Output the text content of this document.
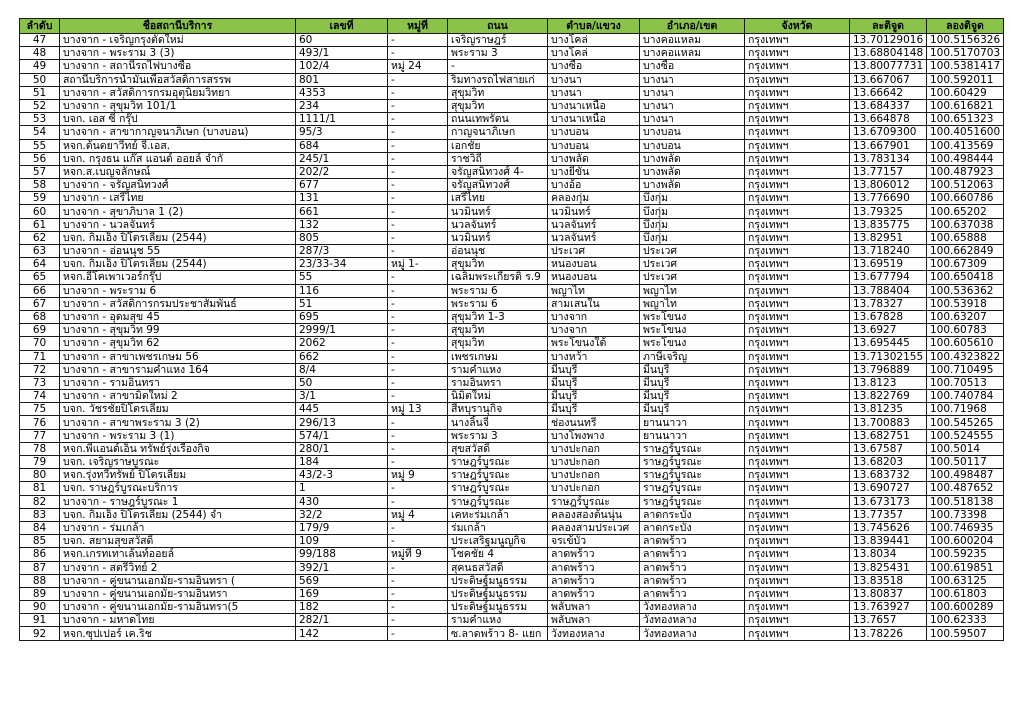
ลำดับ	ชื่อสถานีบริการ	เลขที่	หมู่ที่	ถนน	ตำบล/แขวง	อำเภอ/เขต	จังหวัด	ละติจูด	ลองติจูด
47	บางจาก - เจริญกรุงตัดใหม่	60	-	เจริญราษฎร์	บางโคล่	บางคอแหลม	กรุงเทพฯ	13.70129016	100.5156326
48	บางจาก - พระราม 3 (3)	493/1	-	พระราม 3	บางโคล่	บางคอแหลม	กรุงเทพฯ	13.68804148	100.5170703
49	บางจาก - สถานีรถไฟบางซื่อ	102/4	หมู่ 24	-	บางซื่อ	บางซื่อ	กรุงเทพฯ	13.80077731	100.5381417
50	สถานีบริการน้ำมันเพื่อสวัสดิการสรรพ	801	-	ริมทางรถไฟสายเก่	บางนา	บางนา	กรุงเทพฯ	13.667067	100.592011
51	บางจาก - สวัสดิการกรมอุตุนิยมวิทยา	4353	-	สุขุมวิท	บางนา	บางนา	กรุงเทพฯ	13.66642	100.60429
52	บางจาก - สุขุมวิท 101/1	234	-	สุขุมวิท	บางนาเหนือ	บางนา	กรุงเทพฯ	13.684337	100.616821
53	บจก. เอส ซี กรุ๊ป	1111/1	-	ถนนเทพรัตน	บางนาเหนือ	บางนา	กรุงเทพฯ	13.664878	100.651323
54	บางจาก - สาขากาญจนาภิเษก (บางบอน)	95/3	-	กาญจนาภิเษก	บางบอน	บางบอน	กรุงเทพฯ	13.6709300	100.4051600
55	หจก.ต้นตยาวีทย์ จี.เอส.	684	-	เอกชัย	บางบอน	บางบอน	กรุงเทพฯ	13.667901	100.413569
56	บจก. กรุงธน แก๊ส แอนด์ ออยล์ จำกั	245/1	-	ราชวิถี	บางพลัด	บางพลัด	กรุงเทพฯ	13.783134	100.498444
57	หจก.ส.เบญจลักษณ์	202/2	-	จรัญสนิทวงศ์ 4-	บางยี่ขัน	บางพลัด	กรุงเทพฯ	13.77157	100.487923
58	บางจาก - จรัญสนิทวงศ์	677	-	จรัญสนิทวงศ์	บางอ้อ	บางพลัด	กรุงเทพฯ	13.806012	100.512063
59	บางจาก - เสรีไทย	131	-	เสรีไทย	คลองกุ่ม	บึงกุ่ม	กรุงเทพฯ	13.776690	100.660786
60	บางจาก - สุขาภิบาล 1 (2)	661	-	นวมินทร์	นวมินทร์	บึงกุ่ม	กรุงเทพฯ	13.79325	100.65202
61	บางจาก - นวลจันทร์	132	-	นวลจันทร์	นวลจันทร์	บึงกุ่ม	กรุงเทพฯ	13.835775	100.637038
62	บจก. กิมเอ็ง ปิโตรเลียม (2544)	805	-	นวมินทร์	นวลจันทร์	บึงกุ่ม	กรุงเทพฯ	13.82951	100.65888
63	บางจาก - อ่อนนุช 55	287/3	-	อ่อนนุช	ประเวศ	ประเวศ	กรุงเทพฯ	13.718240	100.662849
64	บจก. กิมเอ็ง ปิโตรเลียม (2544)	23/33-34	หมู่ 1-	สุขุมวิท	หนองบอน	ประเวศ	กรุงเทพฯ	13.69519	100.67309
65	หจก.อีโคเพาเวอร์กรุ๊ป	55	-	เฉลิมพระเกียรติ ร.9	หนองบอน	ประเวศ	กรุงเทพฯ	13.677794	100.650418
66	บางจาก - พระราม 6	116	-	พระราม 6	พญาไท	พญาไท	กรุงเทพฯ	13.788404	100.536362
67	บางจาก - สวัสดิการกรมประชาสัมพันธ์	51	-	พระราม 6	สามเสนใน	พญาไท	กรุงเทพฯ	13.78327	100.53918
68	บางจาก - อุดมสุข 45	695	-	สุขุมวิท 1-3	บางจาก	พระโขนง	กรุงเทพฯ	13.67828	100.63207
69	บางจาก - สุขุมวิท 99	2999/1	-	สุขุมวิท	บางจาก	พระโขนง	กรุงเทพฯ	13.6927	100.60783
70	บางจาก - สุขุมวิท 62	2062	-	สุขุมวิท	พระโขนงใต้	พระโขนง	กรุงเทพฯ	13.695445	100.605610
71	บางจาก - สาขาเพชรเกษม 56	662	-	เพชรเกษม	บางหว้า	ภาษีเจริญ	กรุงเทพฯ	13.71302155	100.4323822
72	บางจาก - สาขารามคำแหง 164	8/4	-	รามคำแหง	มีนบุรี	มีนบุรี	กรุงเทพฯ	13.796889	100.710495
73	บางจาก - รามอินทรา	50	-	รามอินทรา	มีนบุรี	มีนบุรี	กรุงเทพฯ	13.8123	100.70513
74	บางจาก - สาขามิตใหม่ 2	3/1	-	นิมิตใหม่	มีนบุรี	มีนบุรี	กรุงเทพฯ	13.822769	100.740784
75	บจก. วัชรชัยปิโตรเลียม	445	หมู่ 13	สีหบุรานุกิจ	มีนบุรี	มีนบุรี	กรุงเทพฯ	13.81235	100.71968
76	บางจาก - สาขาพระราม 3 (2)	296/13	-	นางลิ้นจี่	ช่องนนทรี	ยานนาวา	กรุงเทพฯ	13.700883	100.545265
77	บางจาก - พระราม 3 (1)	574/1	-	พระราม 3	บางโพงพาง	ยานนาวา	กรุงเทพฯ	13.682751	100.524555
78	หจก.พีแอนด์เอ็น ทรัพย์รุ่งเรืองกิจ	280/1	-	สุขสวัสดิ์	บางปะกอก	ราษฎร์บูรณะ	กรุงเทพฯ	13.67587	100.5014
79	บจก. เจริญราษบูรณะ	184	-	ราษฎร์บูรณะ	บางปะกอก	ราษฎร์บูรณะ	กรุงเทพฯ	13.68203	100.50117
80	หจก.รุ่งทวีทรัพย์ ปิโตรเลียม	43/2-3	หมู่ 9	ราษฎร์บูรณะ	บางปะกอก	ราษฎร์บูรณะ	กรุงเทพฯ	13.683732	100.498487
81	บจก. ราษฎร์บูรณะบริการ	1	-	ราษฎร์บูรณะ	บางปะกอก	ราษฎร์บูรณะ	กรุงเทพฯ	13.690727	100.487652
82	บางจาก - ราษฎร์บูรณะ 1	430	-	ราษฎร์บูรณะ	ราษฎร์บูรณะ	ราษฎร์บูรณะ	กรุงเทพฯ	13.673173	100.518138
83	บจก. กิมเอ็ง ปิโตรเลียม (2544) จำ	32/2	หมู่ 4	เคหะร่มเกล้า	คลองสองต้นนุ่น	ลาดกระบัง	กรุงเทพฯ	13.77357	100.73398
84	บางจาก - ร่มเกล้า	179/9	-	ร่มเกล้า	คลองสามประเวศ	ลาดกระบัง	กรุงเทพฯ	13.745626	100.746935
85	บจก. สยามสุขสวัสดิ์	109	-	ประเสริฐมนูญกิจ	จรเข้บัว	ลาดพร้าว	กรุงเทพฯ	13.839441	100.600204
86	หจก.เกรทเทาเล้นท์ออยล์	99/188	หมู่ที่ 9	โชคชัย 4	ลาดพร้าว	ลาดพร้าว	กรุงเทพฯ	13.8034	100.59235
87	บางจาก - สตรีวิทย์ 2	392/1	-	สุคนธสวัสดิ์	ลาดพร้าว	ลาดพร้าว	กรุงเทพฯ	13.825431	100.619851
88	บางจาก - คู่ขนานเอกมัย-รามอินทรา (	569	-	ประดิษฐ์มนูธรรม	ลาดพร้าว	ลาดพร้าว	กรุงเทพฯ	13.83518	100.63125
89	บางจาก - คู่ขนานเอกมัย-รามอินทรา	169	-	ประดิษฐ์มนูธรรม	ลาดพร้าว	ลาดพร้าว	กรุงเทพฯ	13.80837	100.61803
90	บางจาก - คู่ขนานเอกมัย-รามอินทรา(5	182	-	ประดิษฐ์มนูธรรม	พลับพลา	วังทองหลาง	กรุงเทพฯ	13.763927	100.600289
91	บางจาก - มหาดไทย	282/1	-	รามคำแหง	พลับพลา	วังทองหลาง	กรุงเทพฯ	13.7657	100.62333
92	หจก.ซุปเปอร์ เค.ริช	142	-	ซ.ลาดพร้าว 8- แยก	วังทองหลาง	วังทองหลาง	กรุงเทพฯ	13.78226	100.59507
